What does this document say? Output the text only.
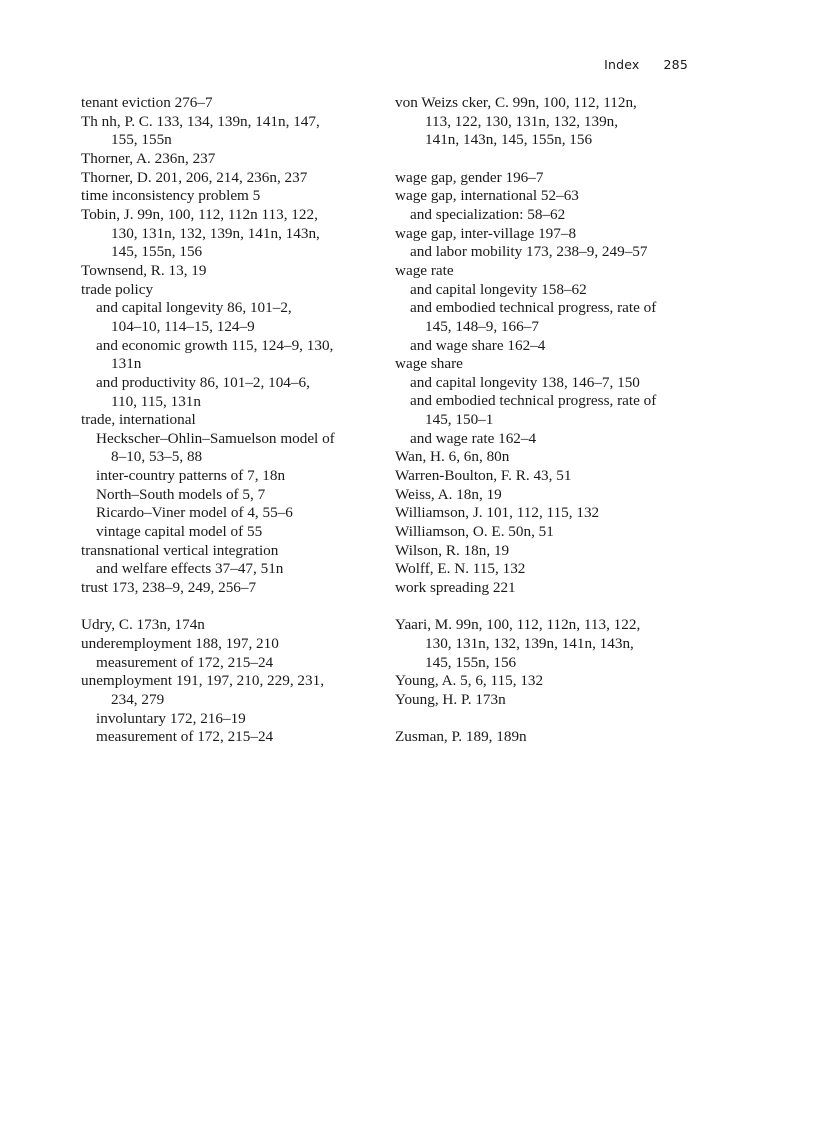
Index 285
tenant eviction 276–7
Th nh, P. C. 133, 134, 139n, 141n, 147,
155, 155n
Thorner, A. 236n, 237
Thorner, D. 201, 206, 214, 236n, 237
time inconsistency problem 5
Tobin, J. 99n, 100, 112, 112n 113, 122,
130, 131n, 132, 139n, 141n, 143n,
145, 155n, 156
Townsend, R. 13, 19
trade policy
and capital longevity 86, 101–2,
104–10, 114–15, 124–9
and economic growth 115, 124–9, 130,
131n
and productivity 86, 101–2, 104–6,
110, 115, 131n
trade, international
Heckscher–Ohlin–Samuelson model of
8–10, 53–5, 88
inter-country patterns of 7, 18n
North–South models of 5, 7
Ricardo–Viner model of 4, 55–6
vintage capital model of 55
transnational vertical integration
and welfare effects 37–47, 51n
trust 173, 238–9, 249, 256–7
Udry, C. 173n, 174n
underemployment 188, 197, 210
measurement of 172, 215–24
unemployment 191, 197, 210, 229, 231,
234, 279
involuntary 172, 216–19
measurement of 172, 215–24
von Weizs cker, C. 99n, 100, 112, 112n,
113, 122, 130, 131n, 132, 139n,
141n, 143n, 145, 155n, 156
wage gap, gender 196–7
wage gap, international 52–63
and specialization: 58–62
wage gap, inter-village 197–8
and labor mobility 173, 238–9, 249–57
wage rate
and capital longevity 158–62
and embodied technical progress, rate of
145, 148–9, 166–7
and wage share 162–4
wage share
and capital longevity 138, 146–7, 150
and embodied technical progress, rate of
145, 150–1
and wage rate 162–4
Wan, H. 6, 6n, 80n
Warren-Boulton, F. R. 43, 51
Weiss, A. 18n, 19
Williamson, J. 101, 112, 115, 132
Williamson, O. E. 50n, 51
Wilson, R. 18n, 19
Wolff, E. N. 115, 132
work spreading 221
Yaari, M. 99n, 100, 112, 112n, 113, 122,
130, 131n, 132, 139n, 141n, 143n,
145, 155n, 156
Young, A. 5, 6, 115, 132
Young, H. P. 173n
Zusman, P. 189, 189n
